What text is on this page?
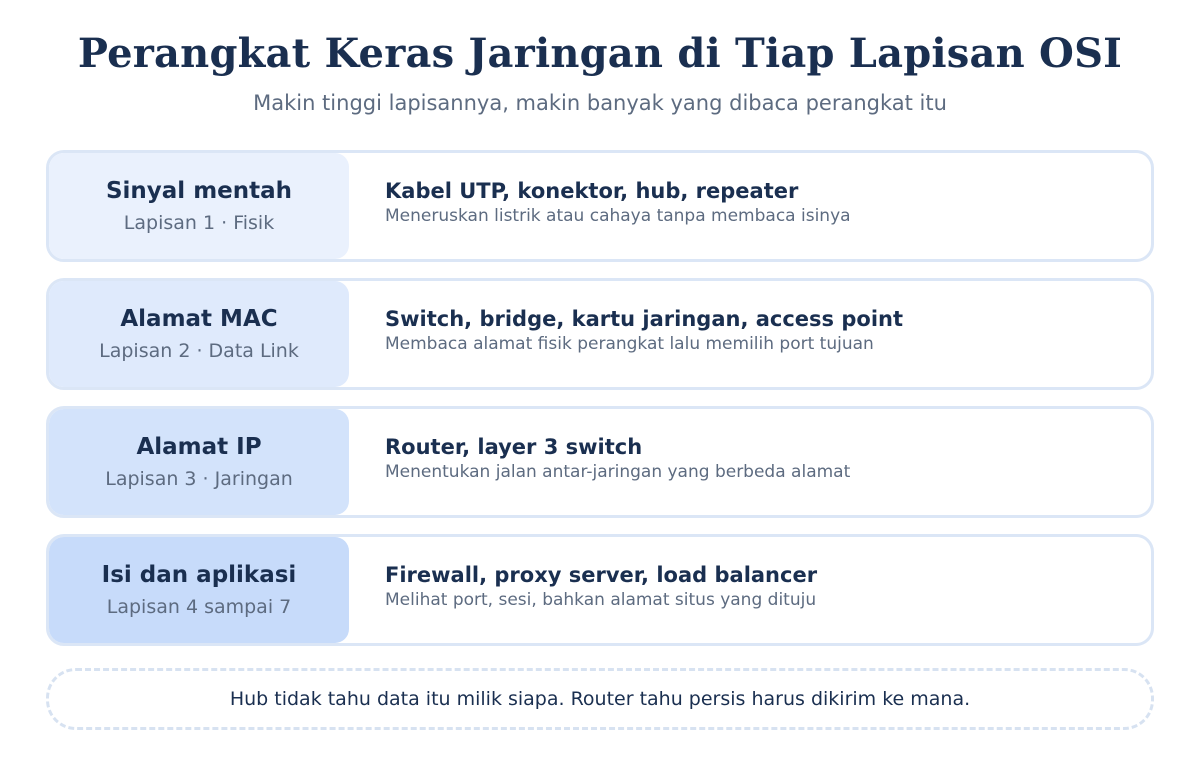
Perangkat Keras Jaringan di Tiap Lapisan OSI
Makin tinggi lapisannya, makin banyak yang dibaca perangkat itu
Sinyal mentah
Lapisan 1 · Fisik
Kabel UTP, konektor, hub, repeater
Meneruskan listrik atau cahaya tanpa membaca isinya
Alamat MAC
Lapisan 2 · Data Link
Switch, bridge, kartu jaringan, access point
Membaca alamat fisik perangkat lalu memilih port tujuan
Alamat IP
Lapisan 3 · Jaringan
Router, layer 3 switch
Menentukan jalan antar-jaringan yang berbeda alamat
Isi dan aplikasi
Lapisan 4 sampai 7
Firewall, proxy server, load balancer
Melihat port, sesi, bahkan alamat situs yang dituju
Hub tidak tahu data itu milik siapa. Router tahu persis harus dikirim ke mana.
